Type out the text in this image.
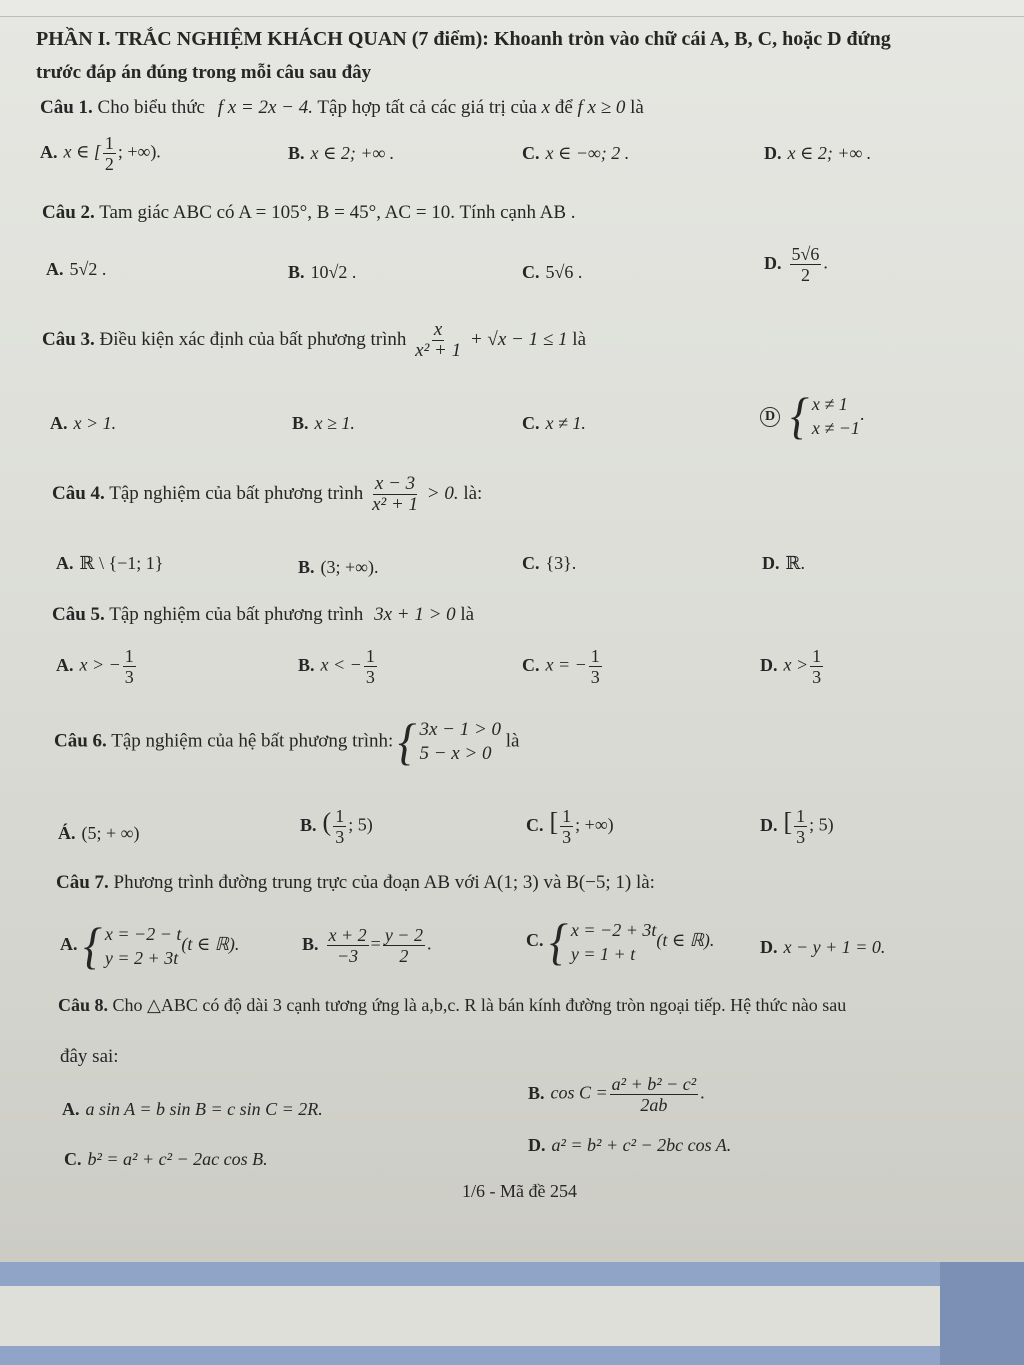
PHẦN I. TRẮC NGHIỆM KHÁCH QUAN (7 điểm): Khoanh tròn vào chữ cái A, B, C, hoặc D đứng
trước đáp án đúng trong mỗi câu sau đây
Câu 1. Cho biểu thức f x = 2x − 4. Tập hợp tất cả các giá trị của x để f x ≥ 0 là
A. x ∈ [ $\frac{1}{2}$ ; +∞).	B. x ∈ 2; +∞ .	C. x ∈ −∞; 2 .	D. x ∈ 2; +∞ .
Câu 2. Tam giác ABC có A = 105°, B = 45°, AC = 10. Tính cạnh AB .
A. 5√2 .	B. 10√2 .	C. 5√6 .	D. $\frac{5√6}{2}$ .
Câu 3. Điều kiện xác định của bất phương trình $\frac{x}{\text{x² + 1}} + √x - 1 \le 1$ là
A. x > 1.	B. x ≥ 1.	C. x ≠ 1.	D { x ≠ 1
x ≠ −1
.
Câu 4. Tập nghiệm của bất phương trình $\frac{x - 3}{\text{x² + 1}} > 0$. là:
A. ℝ \ {−1; 1}	B. (3; +∞).	C. {3}.	D. ℝ.
Câu 5. Tập nghiệm của bất phương trình 3x + 1 > 0 là
A. x > − $\frac{1}{3}$	B. x < − $\frac{1}{3}$	C. x = − $\frac{1}{3}$	D. $x > \frac{1}{3}$
Câu 6. Tập nghiệm của hệ bất phương trình: { 3x − 1 > 0
5 − x > 0
là
Á. (5; + ∞)	B. ( $\frac{1}{3}$ ; 5)	C. [ $\frac{1}{3}$ ; +∞)	D. [ $\frac{1}{3}$ ; 5)
Câu 7. Phương trình đường trung trực của đoạn AB với A(1; 3) và B(−5; 1) là:
A. { x = −2 − t
y = 2 + 3t
(t ∈ ℝ).	B. $\frac{x + 2}{-3} = \frac{y - 2}{2}$ .	C. { x = −2 + 3t
y = 1 + t
(t ∈ ℝ).	D. x − y + 1 = 0.
Câu 8. Cho △ABC có độ dài 3 cạnh tương ứng là a,b,c. R là bán kính đường tròn ngoại tiếp. Hệ thức nào sau
đây sai:
A. a sin A = b sin B = c sin C = 2R.
B. $\cos C = \frac{\text{a² + b² − c²}}{2ab}$ .
C. b² = a² + c² − 2ac cos B.
D. a² = b² + c² − 2bc cos A.
1/6 - Mã đề 254
